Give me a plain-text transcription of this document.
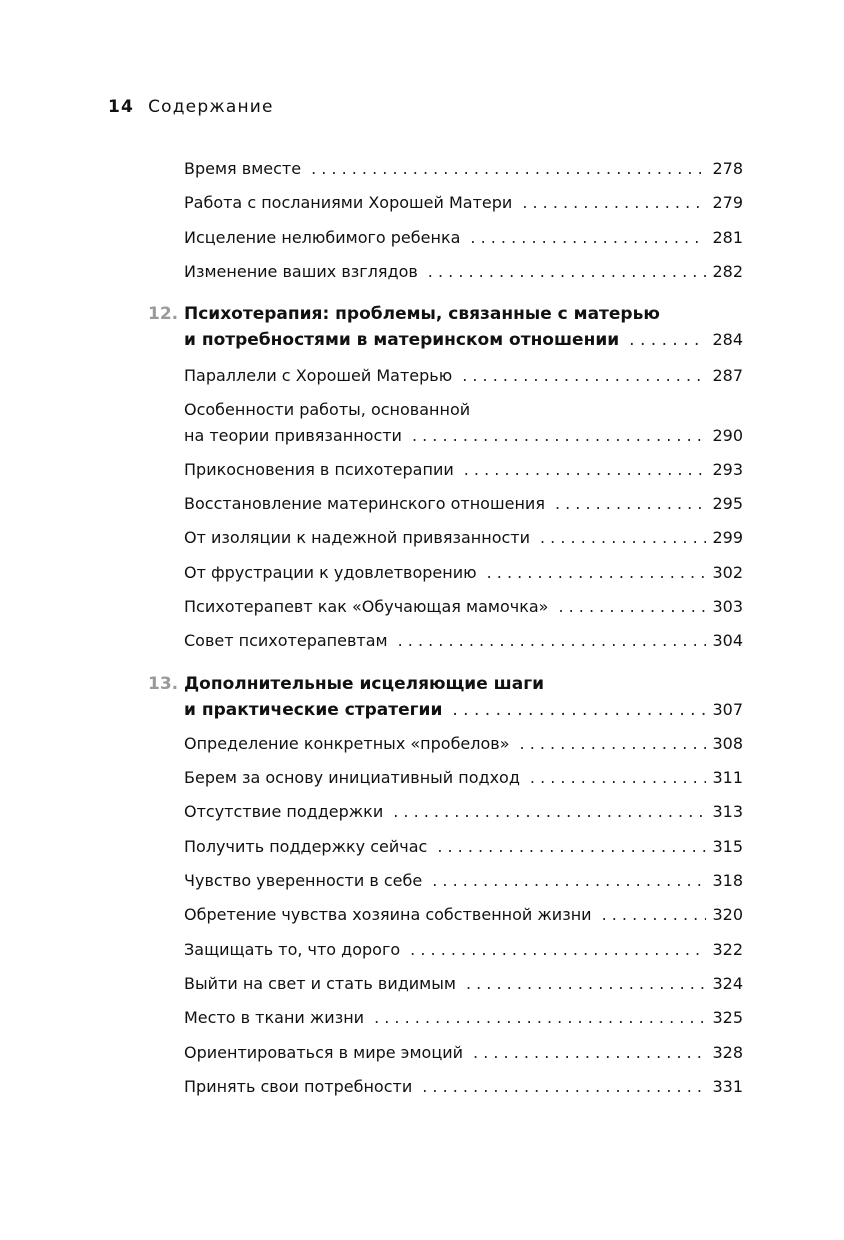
14 Содержание
Время вместе . . .	278
Работа с посланиями Хорошей Матери . . .	279
Исцеление нелюбимого ребенка . . .	281
Изменение ваших взглядов . . .	282
12. Психотерапия: проблемы, связанные с матерью
и потребностями в материнском отношении . . .	284
Параллели с Хорошей Матерью . . .	287
Особенности работы, основанной
на теории привязанности . . .	290
Прикосновения в психотерапии . . .	293
Восстановление материнского отношения . . .	295
От изоляции к надежной привязанности . . .	299
От фрустрации к удовлетворению . . .	302
Психотерапевт как «Обучающая мамочка» . . .	303
Совет психотерапевтам . . .	304
13. Дополнительные исцеляющие шаги
и практические стратегии . . .	307
Определение конкретных «пробелов» . . .	308
Берем за основу инициативный подход . . .	311
Отсутствие поддержки . . .	313
Получить поддержку сейчас . . .	315
Чувство уверенности в себе . . .	318
Обретение чувства хозяина собственной жизни . . .	320
Защищать то, что дорого . . .	322
Выйти на свет и стать видимым . . .	324
Место в ткани жизни . . .	325
Ориентироваться в мире эмоций . . .	328
Принять свои потребности . . .	331
